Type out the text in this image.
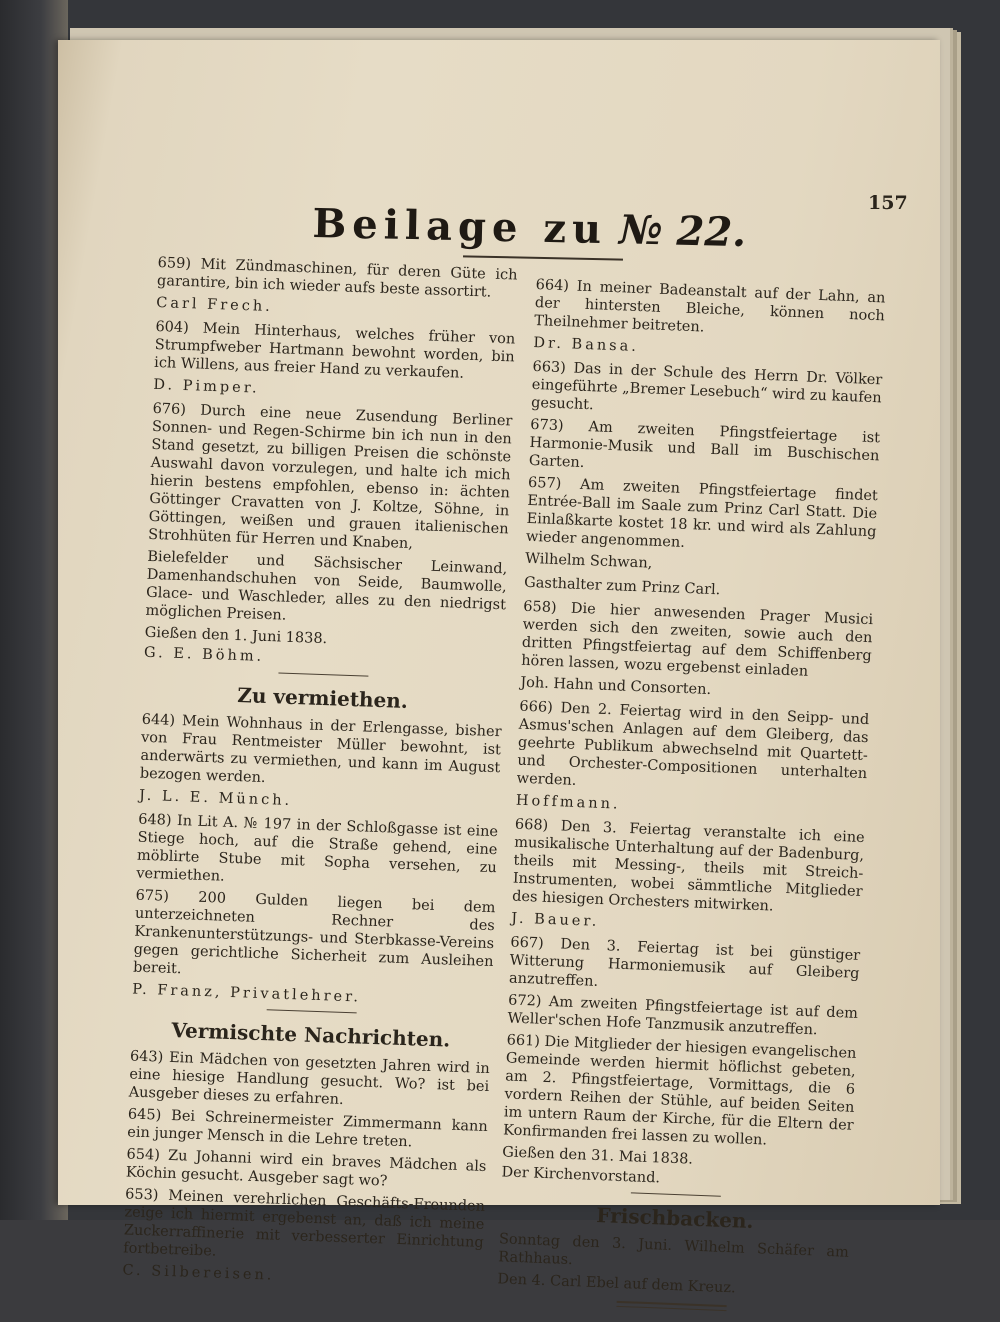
157
Beilage zu № 22.

659) Mit Zündmaschinen, für deren Güte ich garantire, bin ich wieder aufs beste assortirt.

Carl Frech.

604) Mein Hinterhaus, welches früher von Strumpfweber Hartmann bewohnt worden, bin ich Willens, aus freier Hand zu verkaufen.

D. Pimper.

676) Durch eine neue Zusendung Berliner Sonnen- und Regen-Schirme bin ich nun in den Stand gesetzt, zu billigen Preisen die schönste Auswahl davon vorzulegen, und halte ich mich hierin bestens empfohlen, ebenso in: ächten Göttinger Cravatten von J. Koltze, Söhne, in Göttingen, weißen und grauen italienischen Strohhüten für Herren und Knaben,

Bielefelder und Sächsischer Leinwand, Damenhandschuhen von Seide, Baumwolle, Glace- und Waschleder, alles zu den niedrigst möglichen Preisen.

Gießen den 1. Juni 1838.

G. E. Böhm.

Zu vermiethen.

644) Mein Wohnhaus in der Erlengasse, bisher von Frau Rentmeister Müller bewohnt, ist anderwärts zu vermiethen, und kann im August bezogen werden.

J. L. E. Münch.

648) In Lit A. № 197 in der Schloßgasse ist eine Stiege hoch, auf die Straße gehend, eine möblirte Stube mit Sopha versehen, zu vermiethen.

675) 200 Gulden liegen bei dem unterzeichneten Rechner des Krankenunterstützungs- und Sterbkasse-Vereins gegen gerichtliche Sicherheit zum Ausleihen bereit.

P. Franz, Privatlehrer.

Vermischte Nachrichten.

643) Ein Mädchen von gesetzten Jahren wird in eine hiesige Handlung gesucht. Wo? ist bei Ausgeber dieses zu erfahren.

645) Bei Schreinermeister Zimmermann kann ein junger Mensch in die Lehre treten.

654) Zu Johanni wird ein braves Mädchen als Köchin gesucht. Ausgeber sagt wo?

653) Meinen verehrlichen Geschäfts-Freunden zeige ich hiermit ergebenst an, daß ich meine Zuckerraffinerie mit verbesserter Einrichtung fortbetreibe.

C. Silbereisen.

664) In meiner Badeanstalt auf der Lahn, an der hintersten Bleiche, können noch Theilnehmer beitreten.

Dr. Bansa.

663) Das in der Schule des Herrn Dr. Völker eingeführte „Bremer Lesebuch“ wird zu kaufen gesucht.

673) Am zweiten Pfingstfeiertage ist Harmonie-Musik und Ball im Buschischen Garten.

657) Am zweiten Pfingstfeiertage findet Entrée-Ball im Saale zum Prinz Carl Statt. Die Einlaßkarte kostet 18 kr. und wird als Zahlung wieder angenommen.

Wilhelm Schwan,

Gasthalter zum Prinz Carl.

658) Die hier anwesenden Prager Musici werden sich den zweiten, sowie auch den dritten Pfingstfeiertag auf dem Schiffenberg hören lassen, wozu ergebenst einladen

Joh. Hahn und Consorten.

666) Den 2. Feiertag wird in den Seipp- und Asmus'schen Anlagen auf dem Gleiberg, das geehrte Publikum abwechselnd mit Quartett- und Orchester-Compositionen unterhalten werden.

Hoffmann.

668) Den 3. Feiertag veranstalte ich eine musikalische Unterhaltung auf der Badenburg, theils mit Messing-, theils mit Streich-Instrumenten, wobei sämmtliche Mitglieder des hiesigen Orchesters mitwirken.

J. Bauer.

667) Den 3. Feiertag ist bei günstiger Witterung Harmoniemusik auf Gleiberg anzutreffen.

672) Am zweiten Pfingstfeiertage ist auf dem Weller'schen Hofe Tanzmusik anzutreffen.

661) Die Mitglieder der hiesigen evangelischen Gemeinde werden hiermit höflichst gebeten, am 2. Pfingstfeiertage, Vormittags, die 6 vordern Reihen der Stühle, auf beiden Seiten im untern Raum der Kirche, für die Eltern der Konfirmanden frei lassen zu wollen.

Gießen den 31. Mai 1838.

Der Kirchenvorstand.

Frischbacken.

Sonntag den 3. Juni. Wilhelm Schäfer am Rathhaus.

Den 4. Carl Ebel auf dem Kreuz.
